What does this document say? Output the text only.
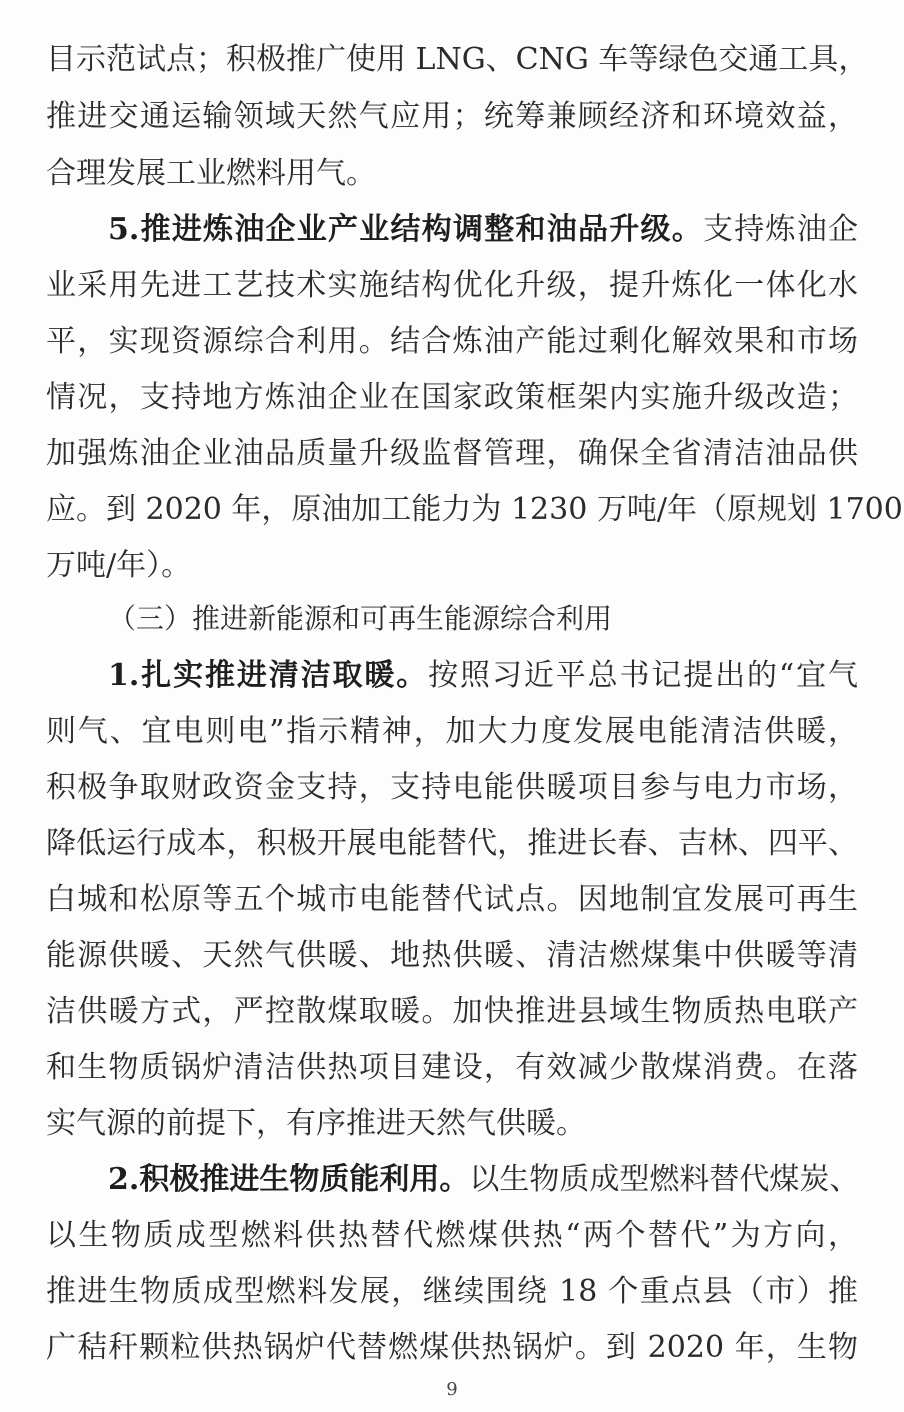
目示范试点；积极推广使用 LNG、CNG 车等绿色交通工具，
推进交通运输领域天然气应用；统筹兼顾经济和环境效益，
合理发展工业燃料用气。
5.推进炼油企业产业结构调整和油品升级。支持炼油企
业采用先进工艺技术实施结构优化升级，提升炼化一体化水
平，实现资源综合利用。结合炼油产能过剩化解效果和市场
情况，支持地方炼油企业在国家政策框架内实施升级改造；
加强炼油企业油品质量升级监督管理，确保全省清洁油品供
应。到 2020 年，原油加工能力为 1230 万吨/年（原规划 1700
万吨/年）。
（三）推进新能源和可再生能源综合利用
1.扎实推进清洁取暖。按照习近平总书记提出的“宜气
则气、宜电则电”指示精神，加大力度发展电能清洁供暖，
积极争取财政资金支持，支持电能供暖项目参与电力市场，
降低运行成本，积极开展电能替代，推进长春、吉林、四平、
白城和松原等五个城市电能替代试点。因地制宜发展可再生
能源供暖、天然气供暖、地热供暖、清洁燃煤集中供暖等清
洁供暖方式，严控散煤取暖。加快推进县域生物质热电联产
和生物质锅炉清洁供热项目建设，有效减少散煤消费。在落
实气源的前提下，有序推进天然气供暖。
2.积极推进生物质能利用。以生物质成型燃料替代煤炭、
以生物质成型燃料供热替代燃煤供热“两个替代”为方向，
推进生物质成型燃料发展，继续围绕 18 个重点县（市）推
广秸秆颗粒供热锅炉代替燃煤供热锅炉。到 2020 年，生物
9
